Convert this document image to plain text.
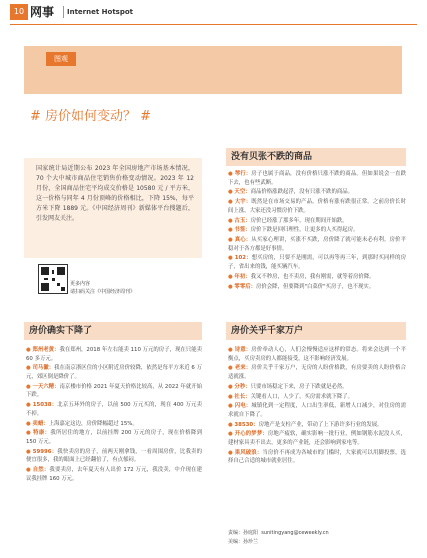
10 网事 Internet Hotspot
图观
# 房价如何变动？ #

国家统计局近期公布 2023 年全国房地产市场基本情况，70 个大中城市商品住宅销售价格变动情况。2023 年 12 月份，全国商品住宅平均成交价格是 10580 元 / 平方米，这一价格与同年 4 月份顶峰的价格相比，下降 15%，每平方米下降 1889 元。《中国经济周刊》新媒体平台搜题后，引发网友关注。

更多内容
请扫码关注《中国经济周刊》
没有贝张不跌的商品
● 琴行：房子也属于商品，没有价格只涨不跌的商品。但如果说会一直跌下去，也有些武断。
● 天空：商品价格涨跌起浮，没有只涨不跌的商品。
● 大宇：既然是在市场交易的产品，价格有涨有跌很正常。之前房价长时间上涨，大家还没习惯房价下跌。
● 古玉：房价已经涨了那多年，现在期间开始跌。
● 书签：房价下跌是回归理性，让更多的人买得起房。
● 真心：从买家心理讲，买涨不买跌，房价降了就可能未必有利。房价平稳对于各方都是好事情。
● 102：想买房的，只要不是刚需，可以再等再三年，到那时买同样的房子，省出来的钱，能买辆汽车。
● 年初：我又不秒房，也不卖房，我有刚需，就等着房价降。
● 零零后：房价会降，但要降到"白菜价"买房子，也不现实。
房价确实下降了
● 郑州老黄：我在郑州，2018 年左右能卖 110 万元的房子，现在只能卖 60 多万元。
● 司马徽：我在南京浙区住的小区附近房价较降，依然是每平方米近 6 万元，郊区倒是降价了。
● 一天六精：南京楼市价格 2021 年夏天价格比较高，从 2022 年就开始下跌。
● 15038：北京五环外的房子，以前 500 万元买的，现在 400 万元卖不掉。
● 卖蜡：上海嘉定这边，房价降幅超过 15%。
● 特康：我所居住的地方，以前挂牌 200 万元的房子，现在价格降到 150 万元。
● 59996：我快卖房的房子，前两天刚拿钱，一看周围房价，比我卖的便宜很多，我的眼面上已经翻倍了，有点郁闷。
● 自然：我要卖房，去年夏天有人出价 172 万元，我没卖，中介现在建议我挂牌 160 万元。
房价关乎千家万户
● 诗意：房价牵动人心，人们会慢慢适应这样的常态。将来会达到一个平衡点，买房卖房的人都能接受，这不影响经济发展。
● 老来：房价关乎千家万户，无房的人盼价格跌，有房要卖的人盼价格合适就涨。
● 分秒：只要市场稳定下来，房子下跌就是必然。
● 社长：关键看人口，人少了，买房需求就下降了。
● 闪电：城镇化到一定程度，人口出生率低，新增人口减少，对住房的需求就自下降了。
● 38530：房地产是支柱产业，带动了上下游许多行业的发展。
● 开心的梦梦：房地产疲软，确实影响一批行业，例如钢筋水泥没人买，建材家具卖不出去，更多的产业链，还会影响到家电等。
● 果风破浪：当房价不再成为各城市的门槛时，大家就可以用脚投票，选择自己合适的城市就业居住。
责编：孙庭阳 sunitingyang@ceweekly.cn
美编：孙珍兰
